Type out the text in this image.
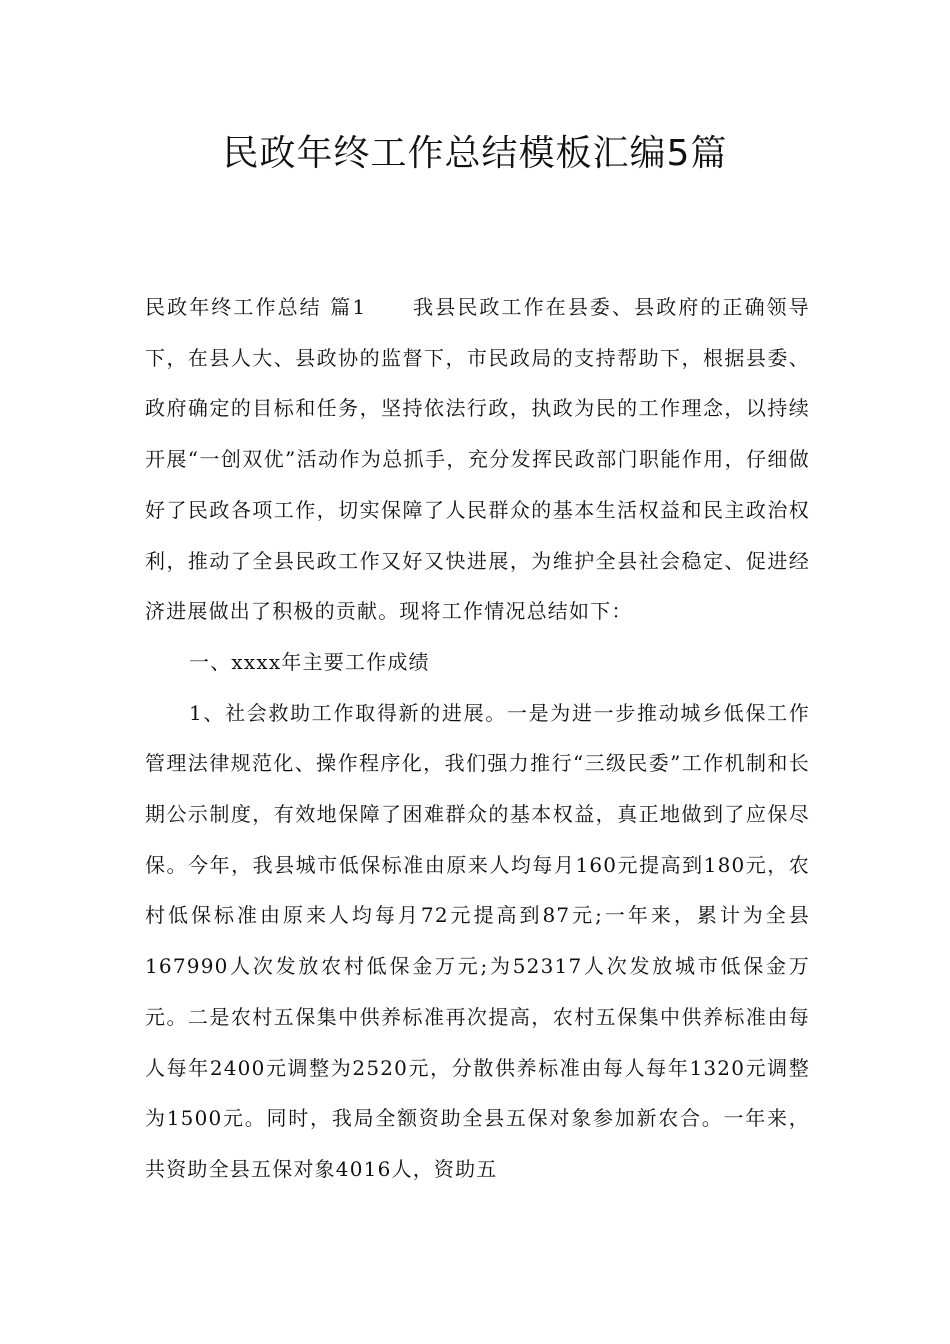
民政年终工作总结模板汇编5篇

民政年终工作总结 篇1 我县民政工作在县委、县政府的正确领导下，在县人大、县政协的监督下，市民政局的支持帮助下，根据县委、政府确定的目标和任务，坚持依法行政，执政为民的工作理念，以持续开展“一创双优”活动作为总抓手，充分发挥民政部门职能作用，仔细做好了民政各项工作，切实保障了人民群众的基本生活权益和民主政治权利，推动了全县民政工作又好又快进展，为维护全县社会稳定、促进经济进展做出了积极的贡献。现将工作情况总结如下：

一、xxxx年主要工作成绩

1、社会救助工作取得新的进展。一是为进一步推动城乡低保工作管理法律规范化、操作程序化，我们强力推行“三级民委”工作机制和长期公示制度，有效地保障了困难群众的基本权益，真正地做到了应保尽保。今年，我县城市低保标准由原来人均每月160元提高到180元，农村低保标准由原来人均每月72元提高到87元;一年来，累计为全县167990人次发放农村低保金万元;为52317人次发放城市低保金万元。二是农村五保集中供养标准再次提高，农村五保集中供养标准由每人每年2400元调整为2520元，分散供养标准由每人每年1320元调整为1500元。同时，我局全额资助全县五保对象参加新农合。一年来，共资助全县五保对象4016人，资助五
